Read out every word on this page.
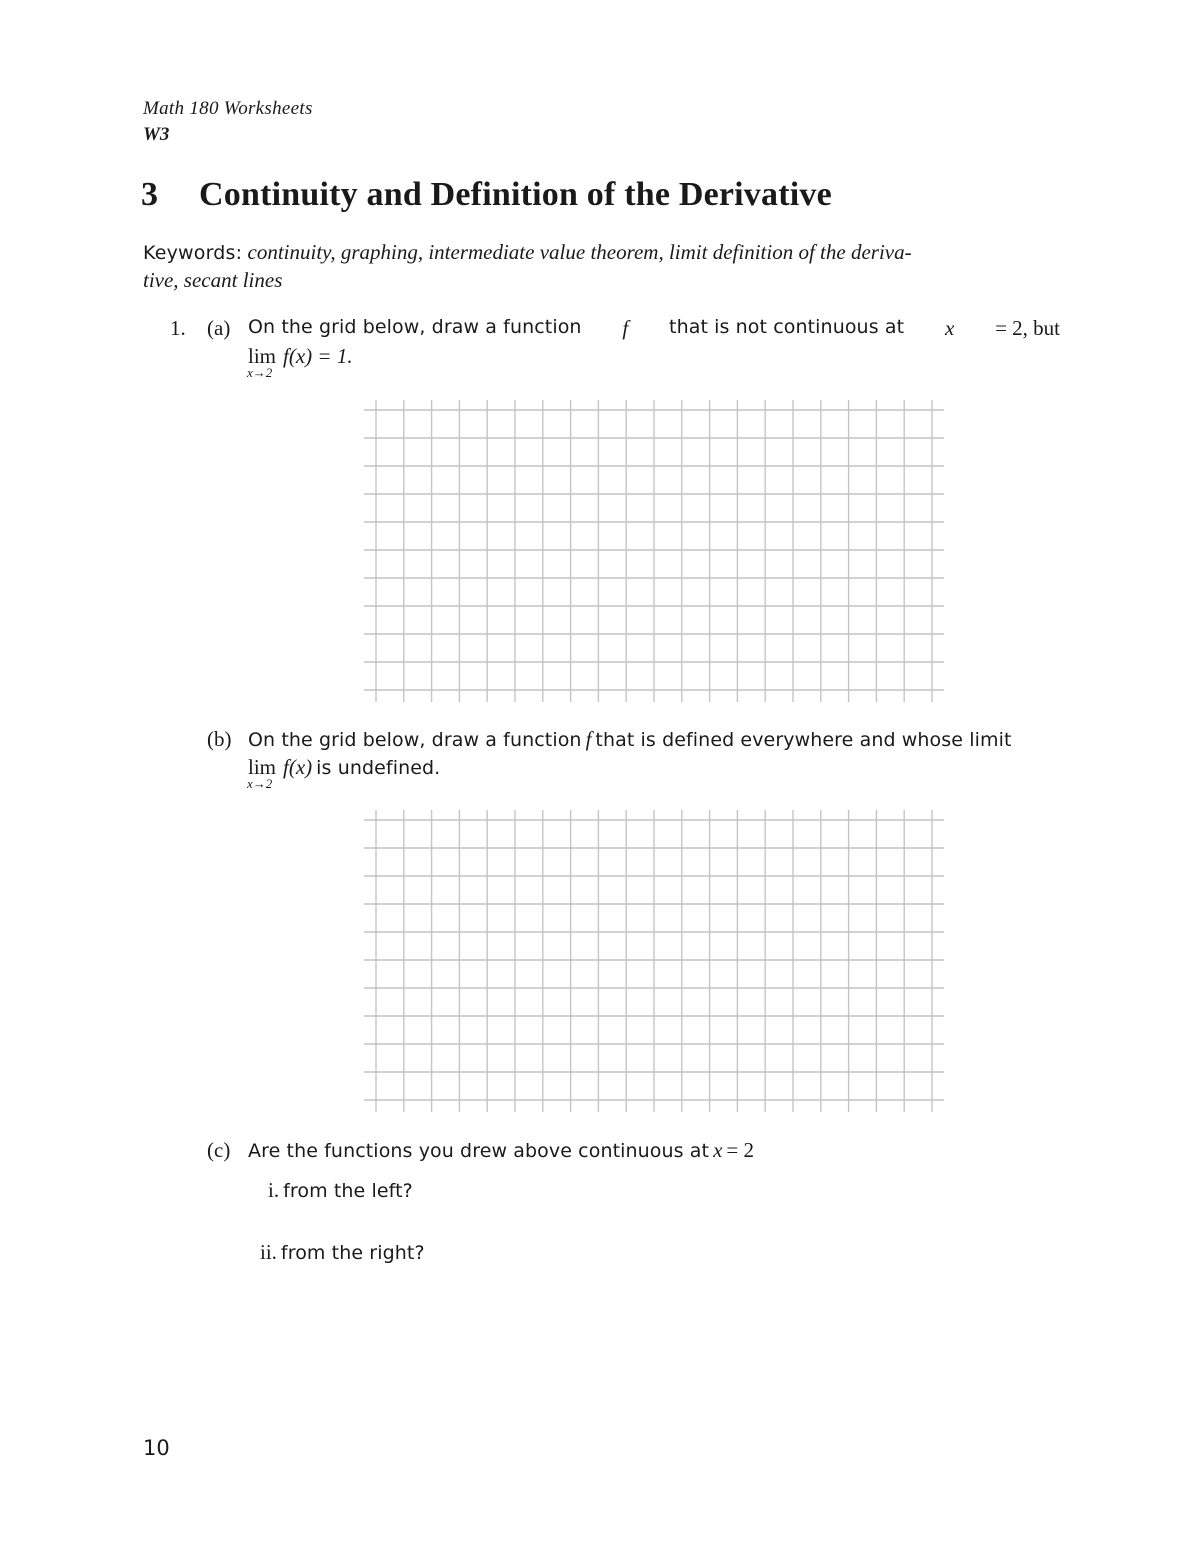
Math 180 Worksheets
W3
3 Continuity and Definition of the Derivative
Keywords: continuity, graphing, intermediate value theorem, limit definition of the deriva-
tive, secant lines
1. (a) On the grid below, draw a function f that is not continuous at x = 2, but
lim
x→2
f(x) = 1.
(b) On the grid below, draw a function f that is defined everywhere and whose limit
lim
x→2
f(x) is undefined.
(c) Are the functions you drew above continuous at x = 2
i. from the left?
ii. from the right?
10
